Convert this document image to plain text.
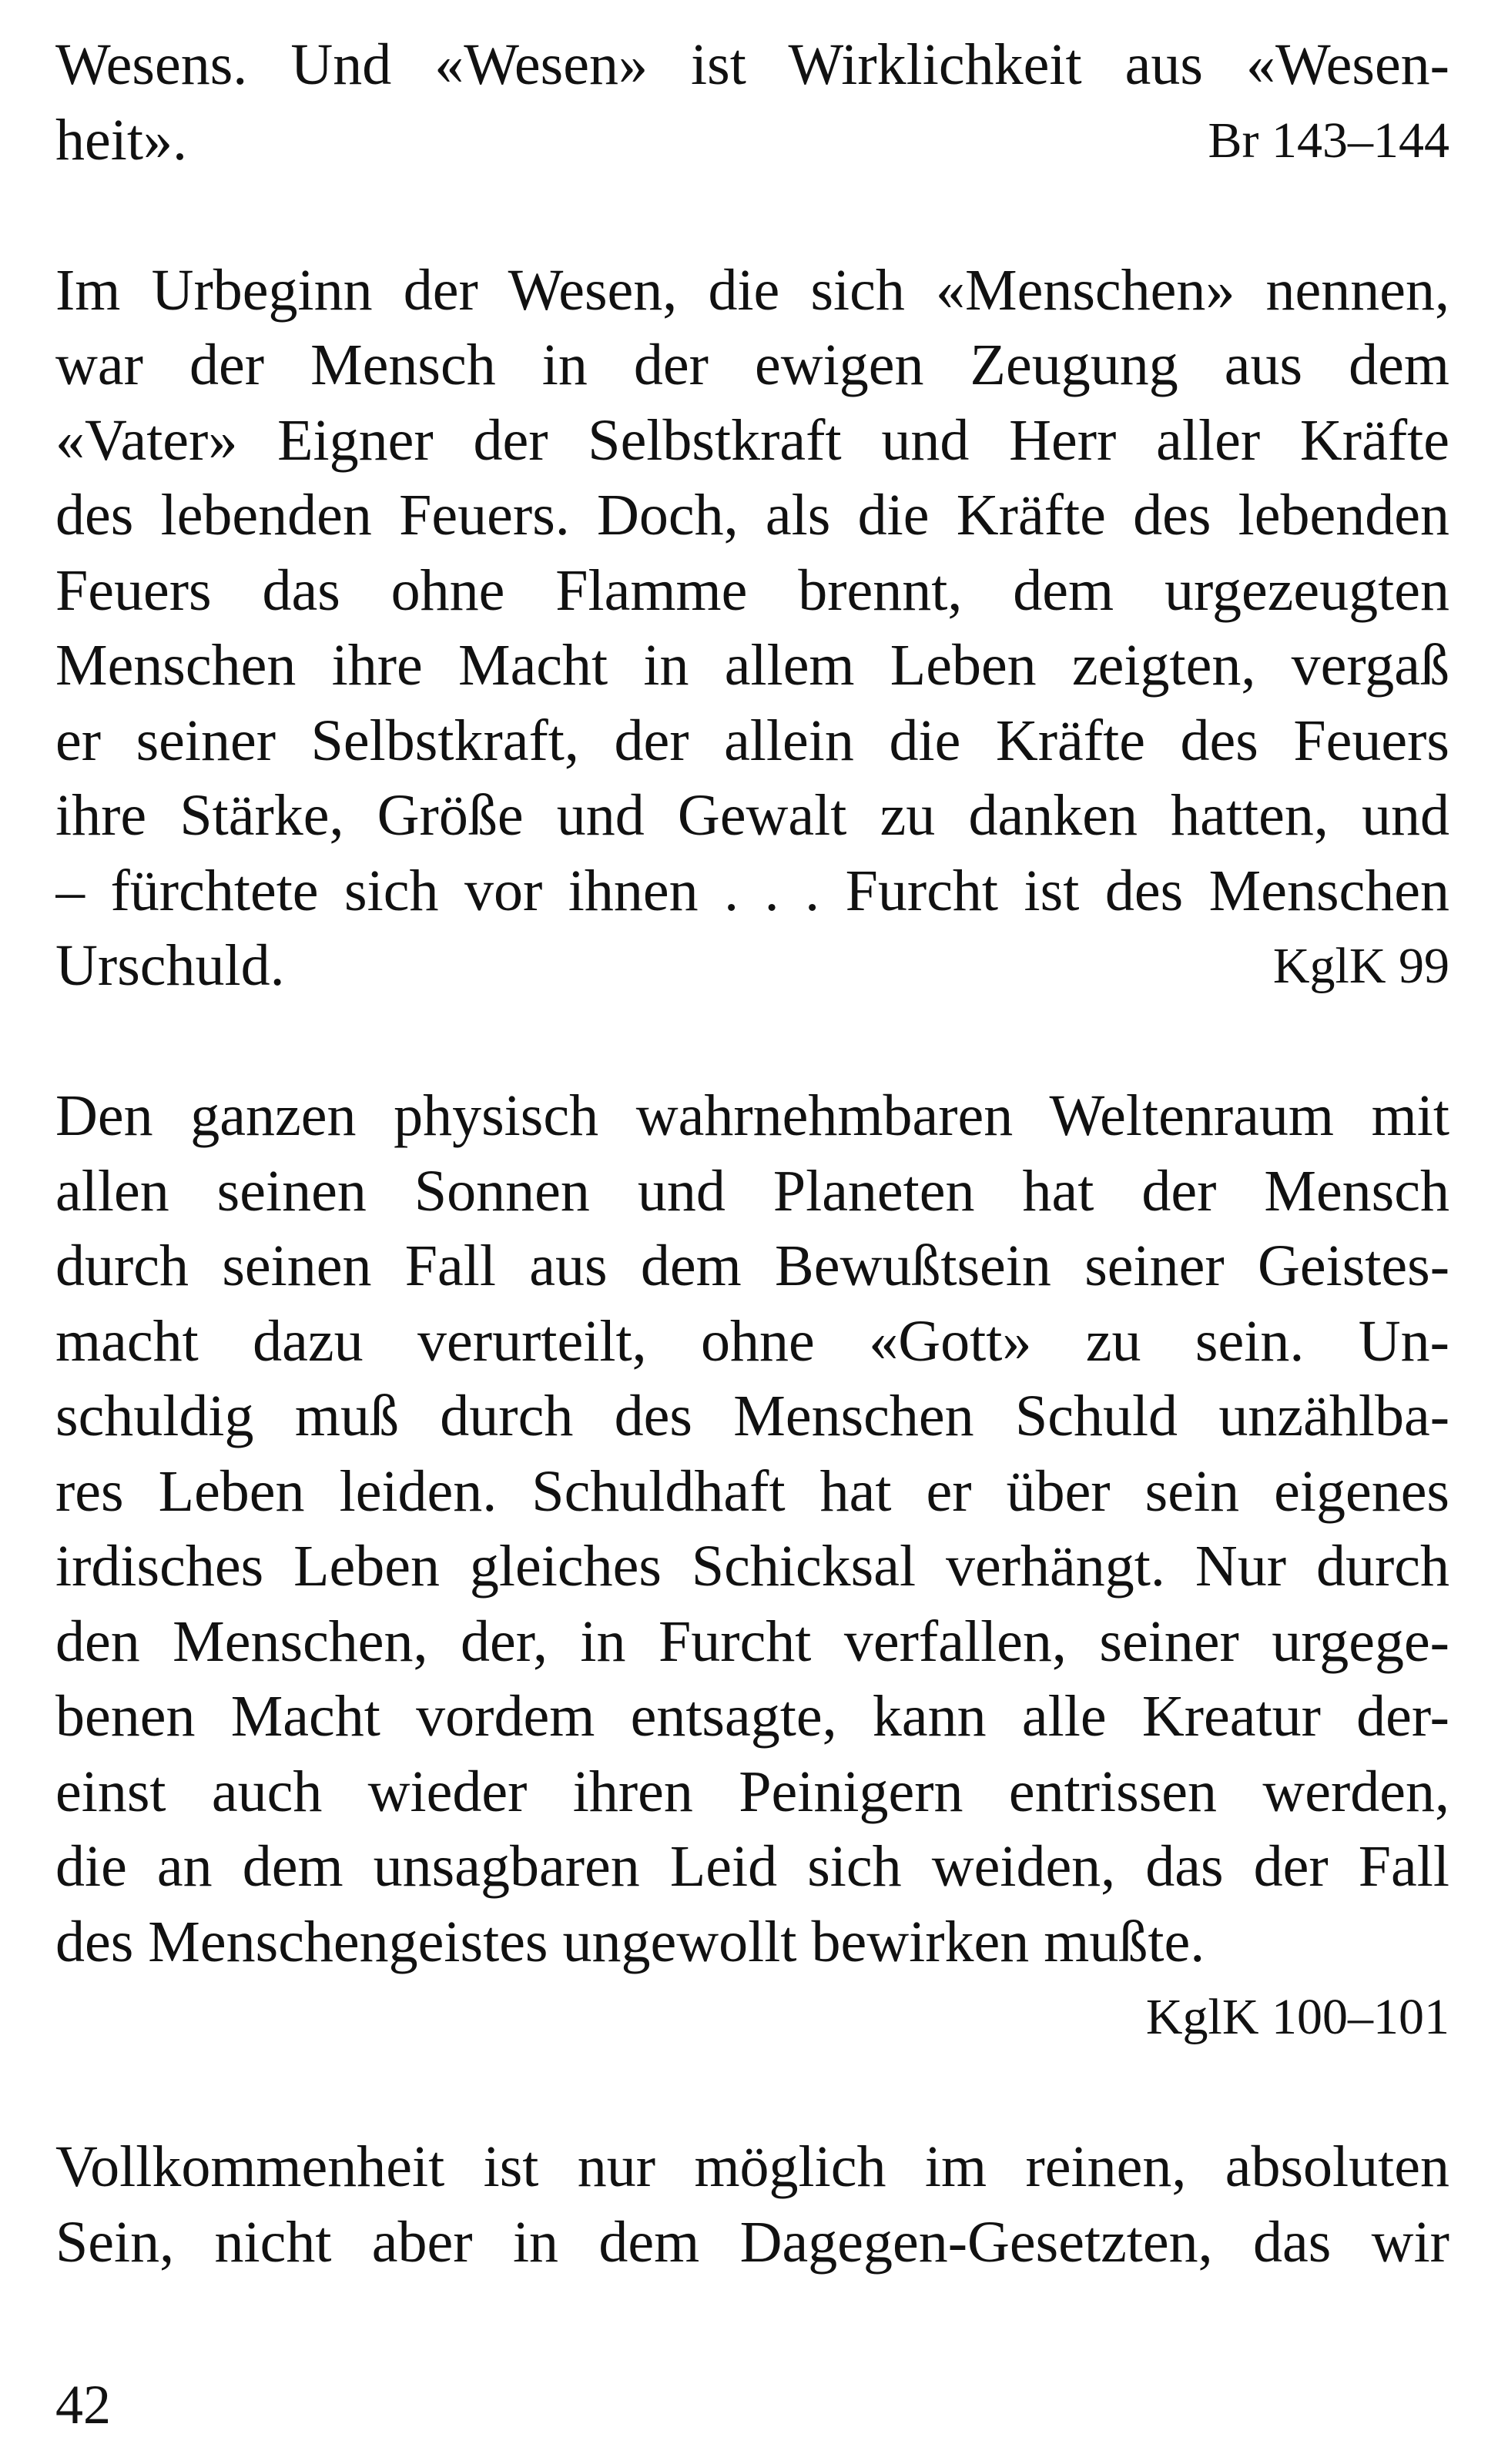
Wesens. Und «Wesen» ist Wirklichkeit aus «Wesen-
heit».	Br 143–144
Im Urbeginn der Wesen, die sich «Menschen» nennen,
war der Mensch in der ewigen Zeugung aus dem
«Vater» Eigner der Selbstkraft und Herr aller Kräfte
des lebenden Feuers. Doch, als die Kräfte des lebenden
Feuers das ohne Flamme brennt, dem urgezeugten
Menschen ihre Macht in allem Leben zeigten, vergaß
er seiner Selbstkraft, der allein die Kräfte des Feuers
ihre Stärke, Größe und Gewalt zu danken hatten, und
– fürchtete sich vor ihnen . . . Furcht ist des Menschen
Urschuld.	KglK 99
Den ganzen physisch wahrnehmbaren Weltenraum mit
allen seinen Sonnen und Planeten hat der Mensch
durch seinen Fall aus dem Bewußtsein seiner Geistes-
macht dazu verurteilt, ohne «Gott» zu sein. Un-
schuldig muß durch des Menschen Schuld unzählba-
res Leben leiden. Schuldhaft hat er über sein eigenes
irdisches Leben gleiches Schicksal verhängt. Nur durch
den Menschen, der, in Furcht verfallen, seiner urgege-
benen Macht vordem entsagte, kann alle Kreatur der-
einst auch wieder ihren Peinigern entrissen werden,
die an dem unsagbaren Leid sich weiden, das der Fall
des Menschengeistes ungewollt bewirken mußte.
KglK 100–101
Vollkommenheit ist nur möglich im reinen, absoluten
Sein, nicht aber in dem Dagegen-Gesetzten, das wir
42
